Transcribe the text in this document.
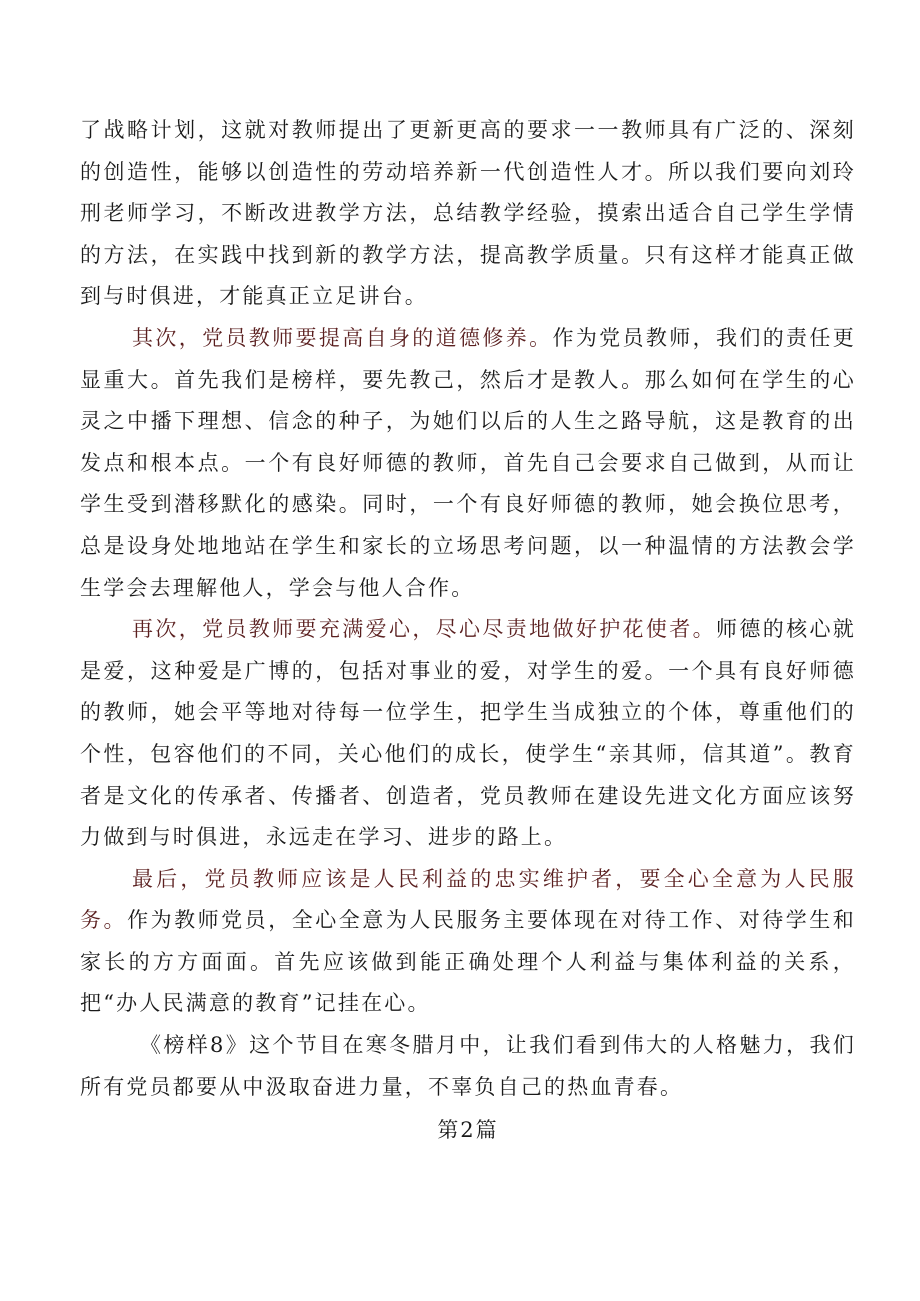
了战略计划，这就对教师提出了更新更高的要求一一教师具有广泛的、深刻的创造性，能够以创造性的劳动培养新一代创造性人才。所以我们要向刘玲刑老师学习，不断改进教学方法，总结教学经验，摸索出适合自己学生学情的方法，在实践中找到新的教学方法，提高教学质量。只有这样才能真正做到与时俱进，才能真正立足讲台。

其次，党员教师要提高自身的道德修养。作为党员教师，我们的责任更显重大。首先我们是榜样，要先教己，然后才是教人。那么如何在学生的心灵之中播下理想、信念的种子，为她们以后的人生之路导航，这是教育的出发点和根本点。一个有良好师德的教师，首先自己会要求自己做到，从而让学生受到潜移默化的感染。同时，一个有良好师德的教师，她会换位思考，总是设身处地地站在学生和家长的立场思考问题，以一种温情的方法教会学生学会去理解他人，学会与他人合作。

再次，党员教师要充满爱心，尽心尽责地做好护花使者。师德的核心就是爱，这种爱是广博的，包括对事业的爱，对学生的爱。一个具有良好师德的教师，她会平等地对待每一位学生，把学生当成独立的个体，尊重他们的个性，包容他们的不同，关心他们的成长，使学生“亲其师，信其道”。教育者是文化的传承者、传播者、创造者，党员教师在建设先进文化方面应该努力做到与时俱进，永远走在学习、进步的路上。

最后，党员教师应该是人民利益的忠实维护者，要全心全意为人民服务。作为教师党员，全心全意为人民服务主要体现在对待工作、对待学生和家长的方方面面。首先应该做到能正确处理个人利益与集体利益的关系，把“办人民满意的教育”记挂在心。

《榜样8》这个节目在寒冬腊月中，让我们看到伟大的人格魅力，我们所有党员都要从中汲取奋进力量，不辜负自己的热血青春。

第2篇
